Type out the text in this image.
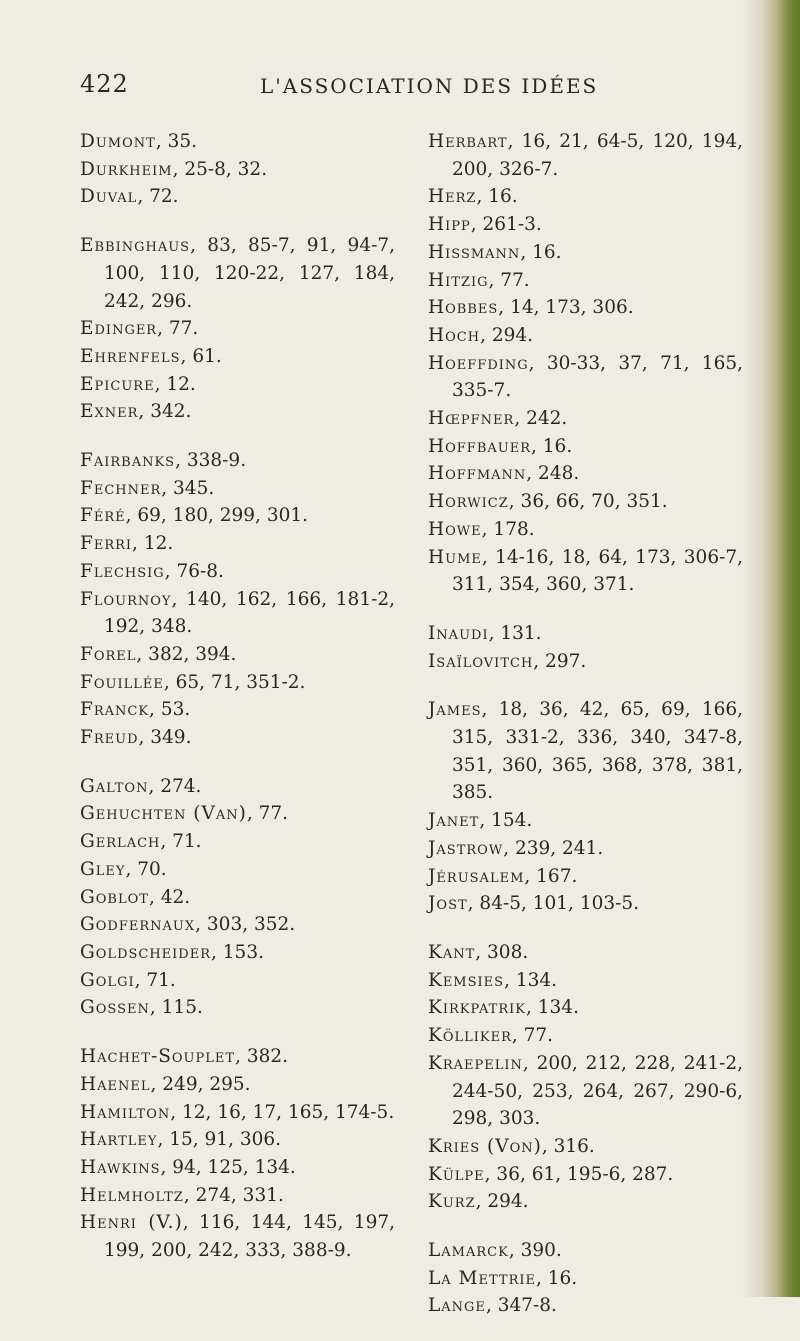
422	L'ASSOCIATION DES IDÉES
Dumont, 35.
Durkheim, 25-8, 32.
Duval, 72.
Ebbinghaus, 83, 85-7, 91, 94-7, 100, 110, 120-22, 127, 184, 242, 296.
Edinger, 77.
Ehrenfels, 61.
Epicure, 12.
Exner, 342.
Fairbanks, 338-9.
Fechner, 345.
Féré, 69, 180, 299, 301.
Ferri, 12.
Flechsig, 76-8.
Flournoy, 140, 162, 166, 181-2, 192, 348.
Forel, 382, 394.
Fouillée, 65, 71, 351-2.
Franck, 53.
Freud, 349.
Galton, 274.
Gehuchten (Van), 77.
Gerlach, 71.
Gley, 70.
Goblot, 42.
Godfernaux, 303, 352.
Goldscheider, 153.
Golgi, 71.
Gossen, 115.
Hachet-Souplet, 382.
Haenel, 249, 295.
Hamilton, 12, 16, 17, 165, 174-5.
Hartley, 15, 91, 306.
Hawkins, 94, 125, 134.
Helmholtz, 274, 331.
Henri (V.), 116, 144, 145, 197, 199, 200, 242, 333, 388-9.
Herbart, 16, 21, 64-5, 120, 194, 200, 326-7.
Herz, 16.
Hipp, 261-3.
Hissmann, 16.
Hitzig, 77.
Hobbes, 14, 173, 306.
Hoch, 294.
Hoeffding, 30-33, 37, 71, 165, 335-7.
Hœpfner, 242.
Hoffbauer, 16.
Hoffmann, 248.
Horwicz, 36, 66, 70, 351.
Howe, 178.
Hume, 14-16, 18, 64, 173, 306-7, 311, 354, 360, 371.
Inaudi, 131.
Isaïlovitch, 297.
James, 18, 36, 42, 65, 69, 166, 315, 331-2, 336, 340, 347-8, 351, 360, 365, 368, 378, 381, 385.
Janet, 154.
Jastrow, 239, 241.
Jérusalem, 167.
Jost, 84-5, 101, 103-5.
Kant, 308.
Kemsies, 134.
Kirkpatrik, 134.
Kölliker, 77.
Kraepelin, 200, 212, 228, 241-2, 244-50, 253, 264, 267, 290-6, 298, 303.
Kries (Von), 316.
Külpe, 36, 61, 195-6, 287.
Kurz, 294.
Lamarck, 390.
La Mettrie, 16.
Lange, 347-8.
